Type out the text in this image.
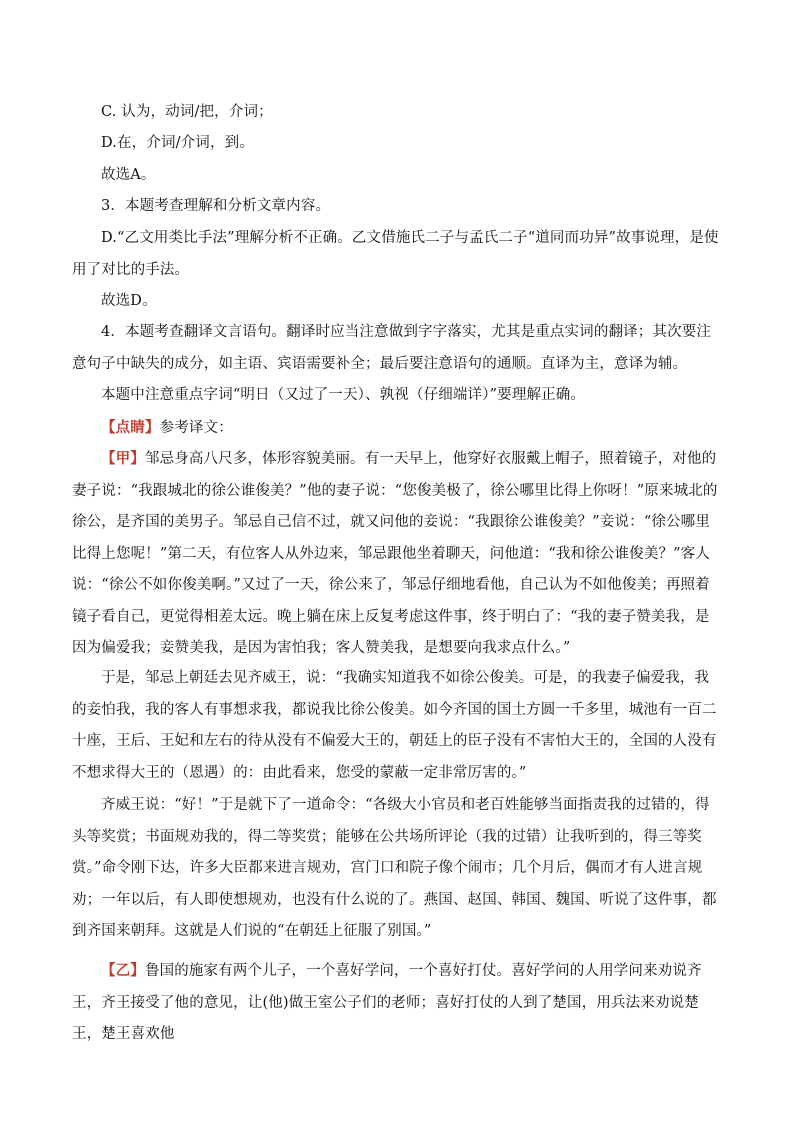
C. 认为，动词/把，介词；
D.在，介词/介词，到。
故选A。
3．本题考查理解和分析文章内容。
D.“乙文用类比手法”理解分析不正确。乙文借施氏二子与孟氏二子“道同而功异”故事说理，是使用了对比的手法。
故选D。
4．本题考查翻译文言语句。翻译时应当注意做到字字落实，尤其是重点实词的翻译；其次要注意句子中缺失的成分，如主语、宾语需要补全；最后要注意语句的通顺。直译为主，意译为辅。
本题中注意重点字词“明日（又过了一天）、孰视（仔细端详）”要理解正确。
【点睛】参考译文：
【甲】邹忌身高八尺多，体形容貌美丽。有一天早上，他穿好衣服戴上帽子，照着镜子，对他的妻子说：“我跟城北的徐公谁俊美？”他的妻子说：“您俊美极了，徐公哪里比得上你呀！”原来城北的徐公，是齐国的美男子。邹忌自己信不过，就又问他的妾说：“我跟徐公谁俊美？”妾说：“徐公哪里比得上您呢！”第二天，有位客人从外边来，邹忌跟他坐着聊天，问他道：“我和徐公谁俊美？”客人说：“徐公不如你俊美啊。”又过了一天，徐公来了，邹忌仔细地看他，自己认为不如他俊美；再照着镜子看自己，更觉得相差太远。晚上躺在床上反复考虑这件事，终于明白了：“我的妻子赞美我，是因为偏爱我；妾赞美我，是因为害怕我；客人赞美我，是想要向我求点什么。”
于是，邹忌上朝廷去见齐威王，说：“我确实知道我不如徐公俊美。可是，的我妻子偏爱我，我的妾怕我，我的客人有事想求我，都说我比徐公俊美。如今齐国的国土方圆一千多里，城池有一百二十座，王后、王妃和左右的待从没有不偏爱大王的，朝廷上的臣子没有不害怕大王的，全国的人没有不想求得大王的（恩遇）的：由此看来，您受的蒙蔽一定非常厉害的。”
齐威王说：“好！”于是就下了一道命令：“各级大小官员和老百姓能够当面指责我的过错的，得头等奖赏；书面规劝我的，得二等奖赏；能够在公共场所评论（我的过错）让我听到的，得三等奖赏。”命令刚下达，许多大臣都来进言规劝，宫门口和院子像个闹市；几个月后，偶而才有人进言规劝；一年以后，有人即使想规劝，也没有什么说的了。燕国、赵国、韩国、魏国、听说了这件事，都到齐国来朝拜。这就是人们说的“在朝廷上征服了别国。”
【乙】鲁国的施家有两个儿子，一个喜好学问，一个喜好打仗。喜好学问的人用学问来劝说齐王，齐王接受了他的意见，让(他)做王室公子们的老师；喜好打仗的人到了楚国，用兵法来劝说楚王，楚王喜欢他
